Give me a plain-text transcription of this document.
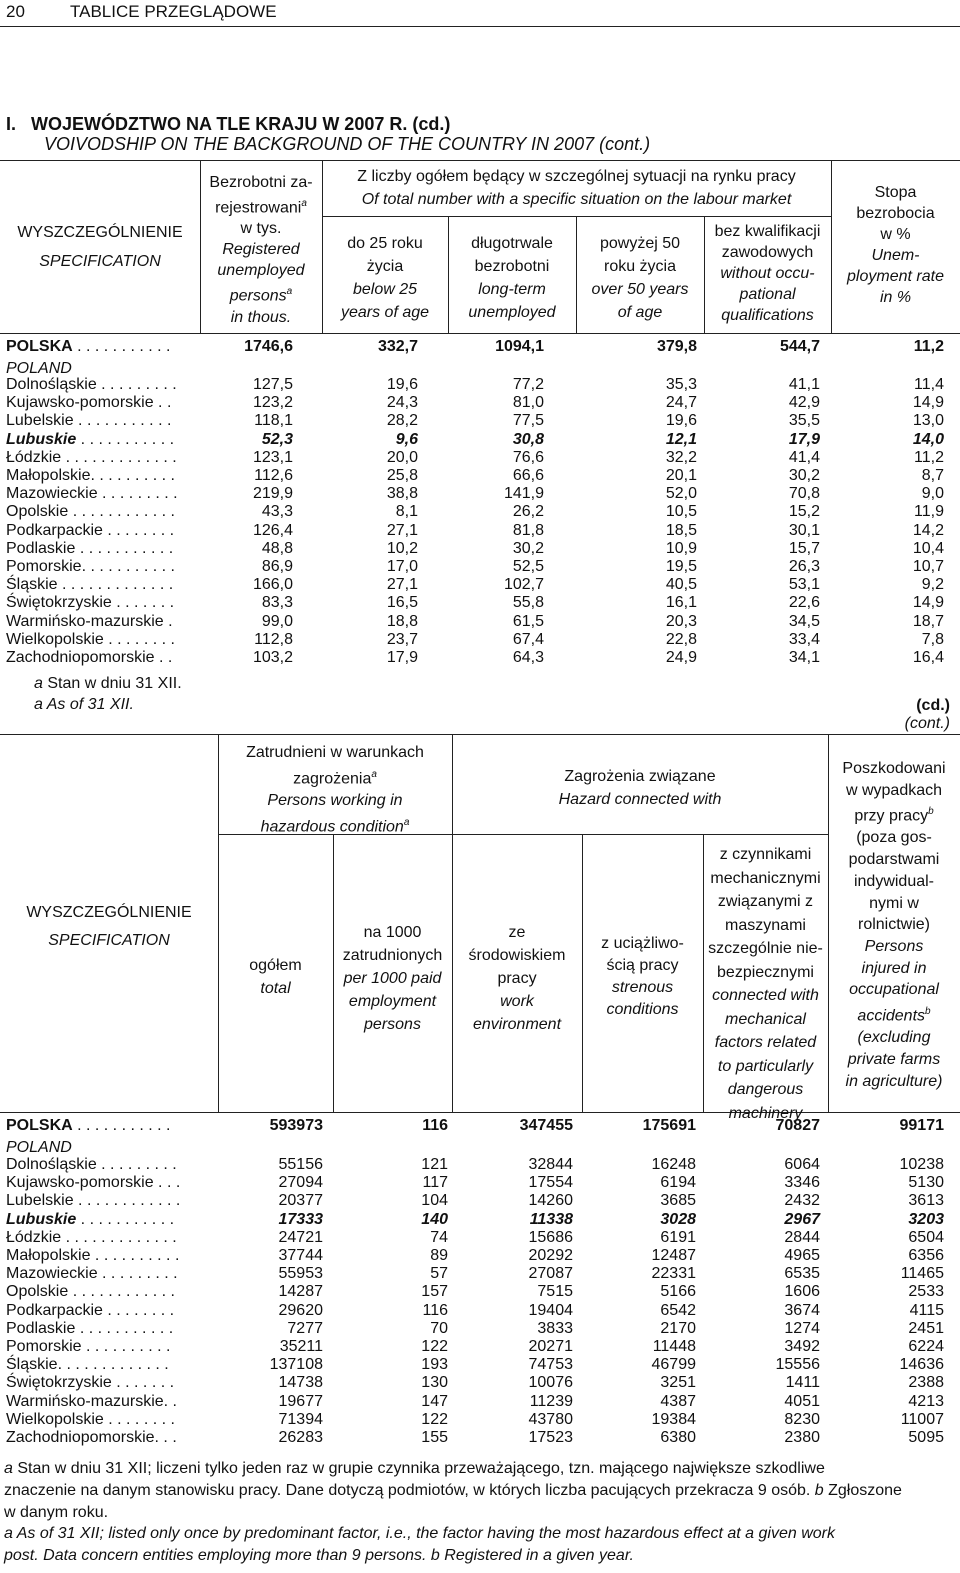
20	TABLICE PRZEGLĄDOWE
I.   WOJEWÓDZTWO NA TLE KRAJU W 2007 R. (cd.)
VOIVODSHIP ON THE BACKGROUND OF THE COUNTRY IN 2007 (cont.)
WYSZCZEGÓLNIENIE
SPECIFICATION
Bezrobotni za-
rejestrowani$^a$
w tys.
Registered
unemployed
persons$^a$
in thous.
Z liczby ogółem będący w szczególnej sytuacji na rynku pracy
Of total number with a specific situation on the labour market
do 25 roku
życia
below 25
years of age
długotrwale
bezrobotni
long-term
unemployed
powyżej 50
roku życia
over 50 years
of age
bez kwalifikacji
zawodowych
without occu-
pational
qualifications
Stopa
bezrobocia
w %
Unem-
ployment rate
in %
POLAND
POLSKA . . . . . . . . . . .	1746,6	332,7	1094,1	379,8	544,7	11,2
Dolnośląskie . . . . . . . . .	127,5	19,6	77,2	35,3	41,1	11,4
Kujawsko-pomorskie . .	123,2	24,3	81,0	24,7	42,9	14,9
Lubelskie . . . . . . . . . . .	118,1	28,2	77,5	19,6	35,5	13,0
Lubuskie . . . . . . . . . . .	52,3	9,6	30,8	12,1	17,9	14,0
Łódzkie . . . . . . . . . . . . .	123,1	20,0	76,6	32,2	41,4	11,2
Małopolskie. . . . . . . . . .	112,6	25,8	66,6	20,1	30,2	8,7
Mazowieckie . . . . . . . . .	219,9	38,8	141,9	52,0	70,8	9,0
Opolskie . . . . . . . . . . . .	43,3	8,1	26,2	10,5	15,2	11,9
Podkarpackie . . . . . . . .	126,4	27,1	81,8	18,5	30,1	14,2
Podlaskie . . . . . . . . . . .	48,8	10,2	30,2	10,9	15,7	10,4
Pomorskie. . . . . . . . . . .	86,9	17,0	52,5	19,5	26,3	10,7
Śląskie . . . . . . . . . . . . .	166,0	27,1	102,7	40,5	53,1	9,2
Świętokrzyskie . . . . . . .	83,3	16,5	55,8	16,1	22,6	14,9
Warmińsko-mazurskie .	99,0	18,8	61,5	20,3	34,5	18,7
Wielkopolskie . . . . . . . .	112,8	23,7	67,4	22,8	33,4	7,8
Zachodniopomorskie . .	103,2	17,9	64,3	24,9	34,1	16,4
a Stan w dniu 31 XII.
a As of 31 XII.	(cd.)
(cont.)
WYSZCZEGÓLNIENIE
SPECIFICATION
Zatrudnieni w warunkach
zagrożenia$^a$
Persons working in
hazardous condition$^a$
Zagrożenia związane
Hazard connected with
ogółem
total
na 1000
zatrudnionych
per 1000 paid
employment
persons
ze
środowiskiem
pracy
work
environment
z uciążliwo-
ścią pracy
strenous
conditions
z czynnikami
mechanicznymi
związanymi z
maszynami
szczególnie nie-
bezpiecznymi
connected with
mechanical
factors related
to particularly
dangerous
machinery
Poszkodowani
w wypadkach
przy pracy$^b$
(poza gos-
podarstwami
indywidual-
nymi w
rolnictwie)
Persons
injured in
occupational
accidents$^b$
(excluding
private farms
in agriculture)
POLAND
POLSKA . . . . . . . . . . .	593973	116	347455	175691	70827	99171
Dolnośląskie . . . . . . . . .	55156	121	32844	16248	6064	10238
Kujawsko-pomorskie . . .	27094	117	17554	6194	3346	5130
Lubelskie . . . . . . . . . . . .	20377	104	14260	3685	2432	3613
Lubuskie . . . . . . . . . . .	17333	140	11338	3028	2967	3203
Łódzkie . . . . . . . . . . . . .	24721	74	15686	6191	2844	6504
Małopolskie . . . . . . . . . .	37744	89	20292	12487	4965	6356
Mazowieckie . . . . . . . . .	55953	57	27087	22331	6535	11465
Opolskie . . . . . . . . . . . .	14287	157	7515	5166	1606	2533
Podkarpackie . . . . . . . .	29620	116	19404	6542	3674	4115
Podlaskie . . . . . . . . . . .	7277	70	3833	2170	1274	2451
Pomorskie . . . . . . . . . .	35211	122	20271	11448	3492	6224
Śląskie. . . . . . . . . . . . .	137108	193	74753	46799	15556	14636
Świętokrzyskie . . . . . . .	14738	130	10076	3251	1411	2388
Warmińsko-mazurskie. .	19677	147	11239	4387	4051	4213
Wielkopolskie . . . . . . . .	71394	122	43780	19384	8230	11007
Zachodniopomorskie. . .	26283	155	17523	6380	2380	5095
a Stan w dniu 31 XII; liczeni tylko jeden raz w grupie czynnika przeważającego, tzn. mającego największe szkodliwe
znaczenie na danym stanowisku pracy. Dane dotyczą podmiotów, w których liczba pacujących przekracza 9 osób. b Zgłoszone
w danym roku.
a As of 31 XII; listed only once by predominant factor, i.e., the factor having the most hazardous effect at a given work
post. Data concern entities employing more than 9 persons. b Registered in a given year.
